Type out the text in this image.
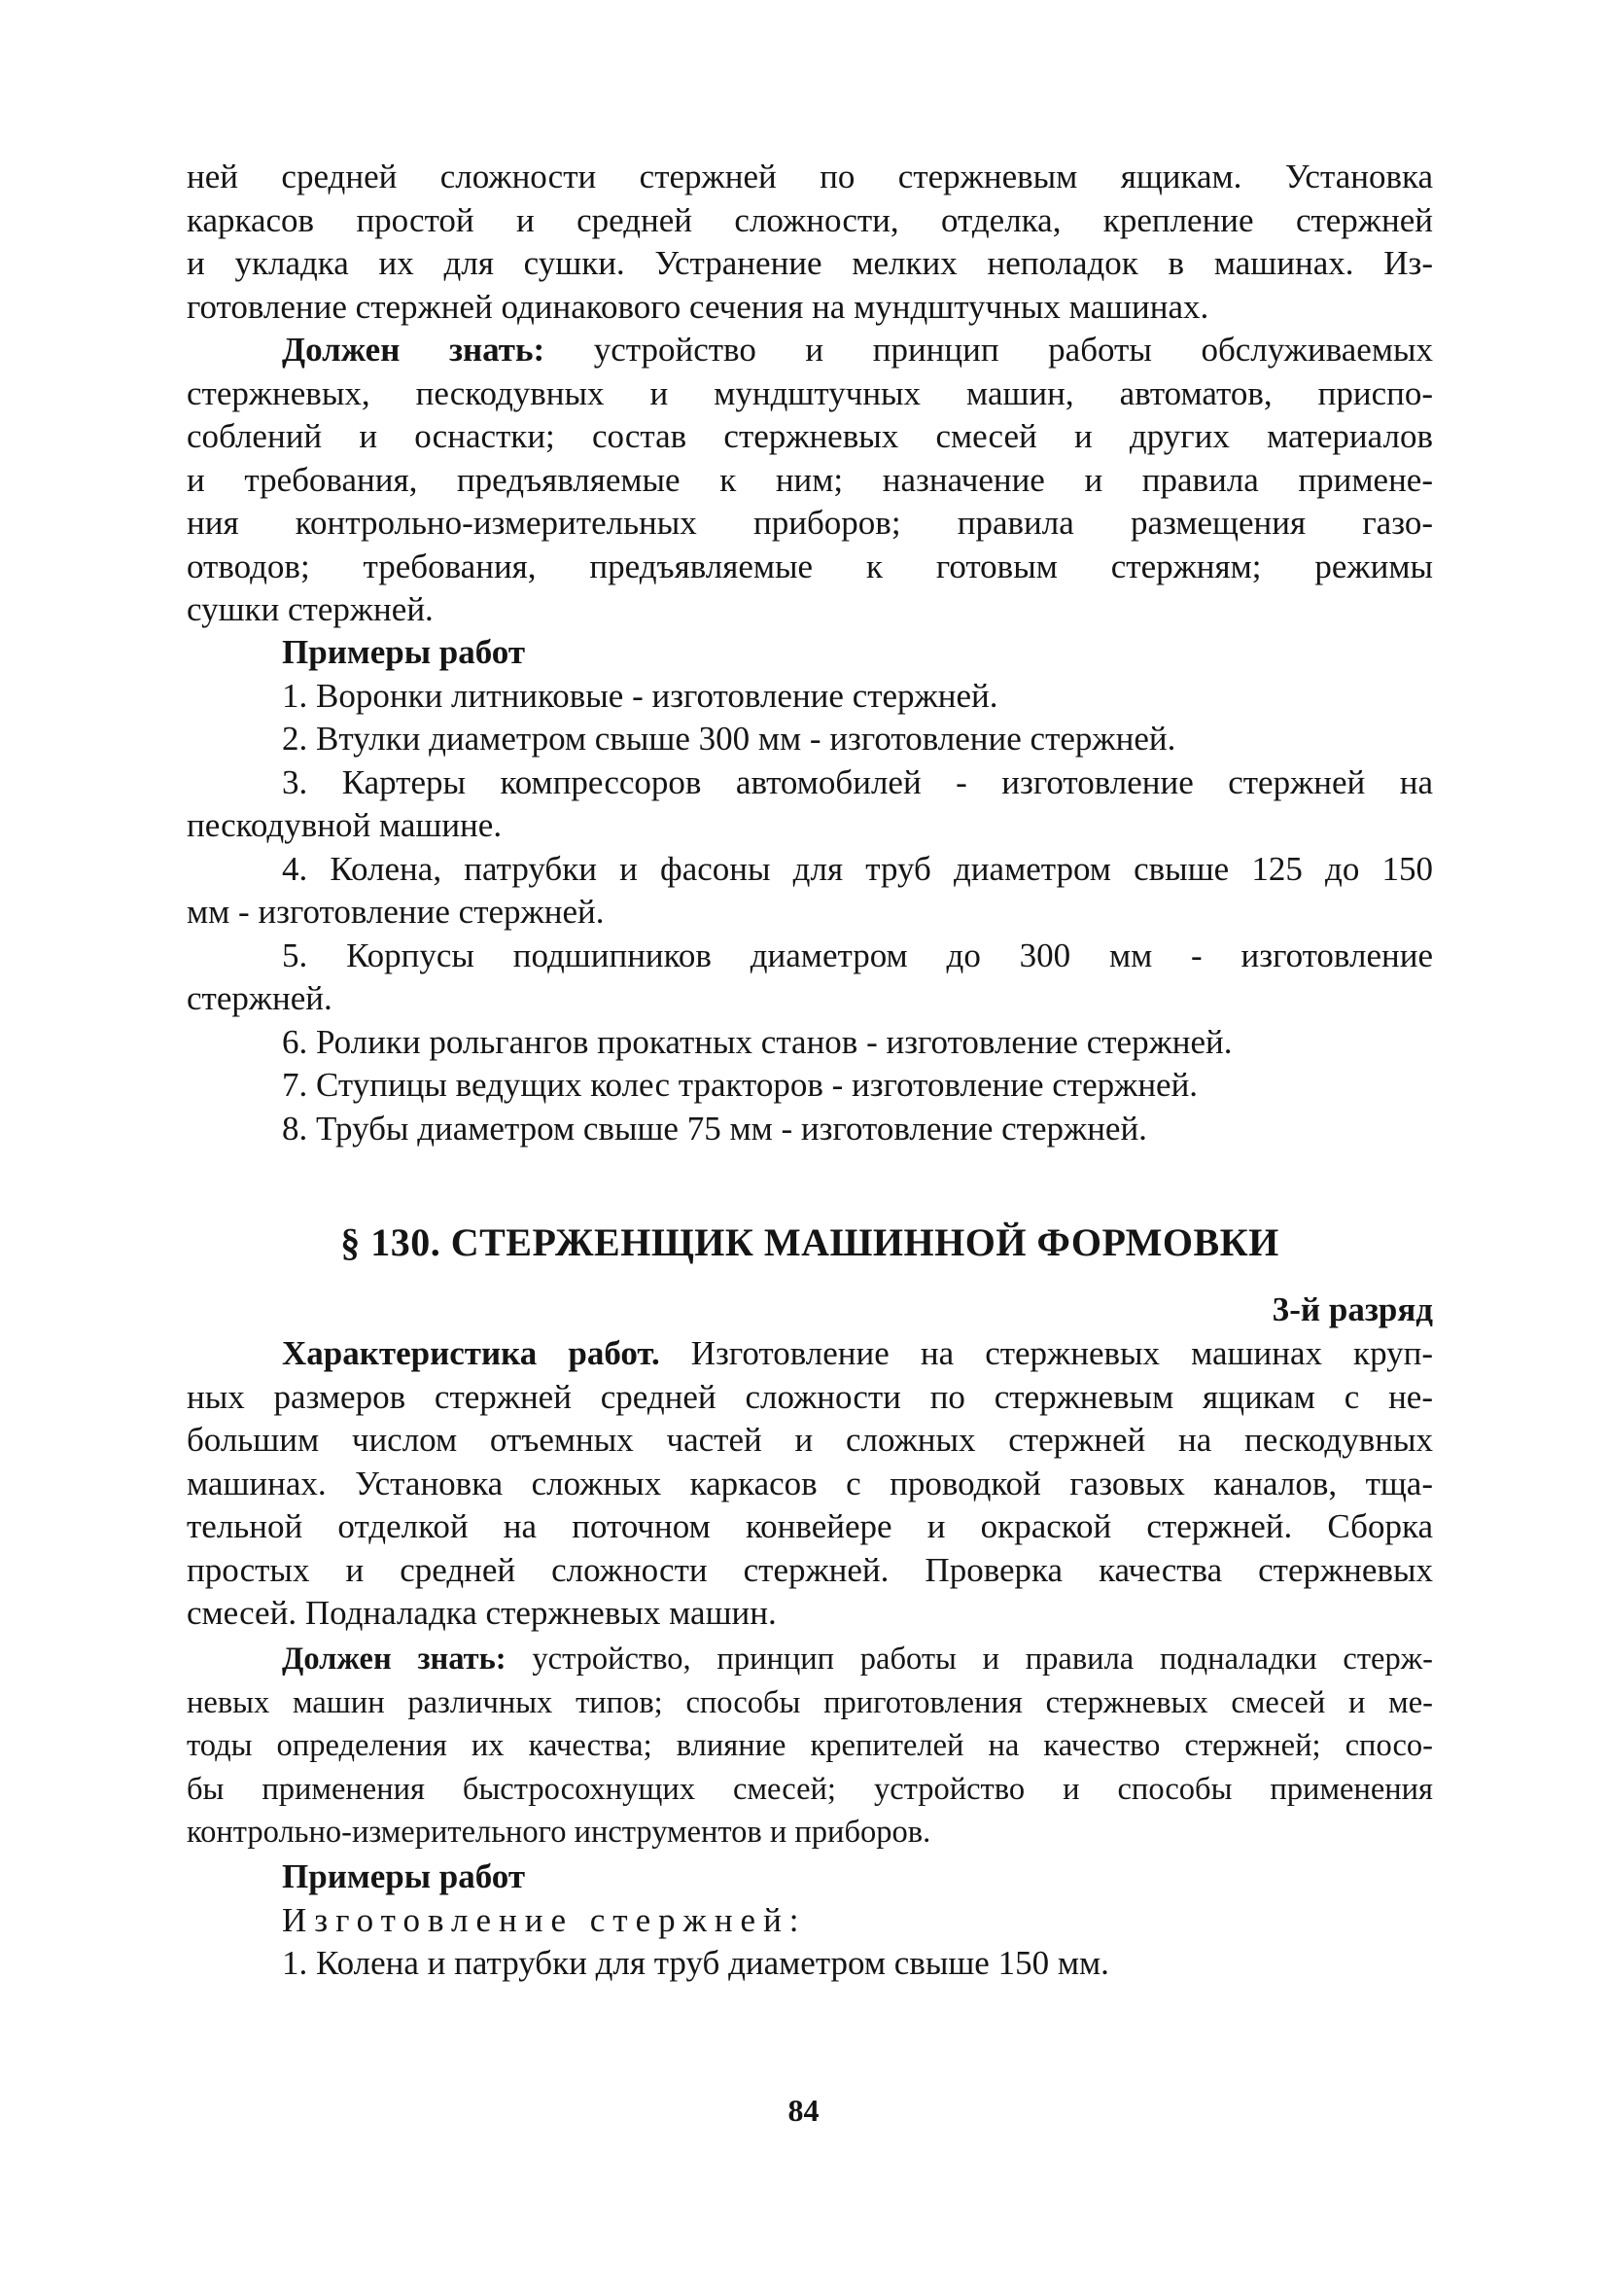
ней средней сложности стержней по стержневым ящикам. Установка
каркасов простой и средней сложности, отделка, крепление стержней
и укладка их для сушки. Устранение мелких неполадок в машинах. Из-
готовление стержней одинакового сечения на мундштучных машинах.
Должен знать: устройство и принцип работы обслуживаемых
стержневых, пескодувных и мундштучных машин, автоматов, приспо-
соблений и оснастки; состав стержневых смесей и других материалов
и требования, предъявляемые к ним; назначение и правила примене-
ния контрольно-измерительных приборов; правила размещения газо-
отводов; требования, предъявляемые к готовым стержням; режимы
сушки стержней.
Примеры работ
1. Воронки литниковые - изготовление стержней.
2. Втулки диаметром свыше 300 мм - изготовление стержней.
3. Картеры компрессоров автомобилей - изготовление стержней на
пескодувной машине.
4. Колена, патрубки и фасоны для труб диаметром свыше 125 до 150
мм - изготовление стержней.
5. Корпусы подшипников диаметром до 300 мм - изготовление
стержней.
6. Ролики рольгангов прокатных станов - изготовление стержней.
7. Ступицы ведущих колес тракторов - изготовление стержней.
8. Трубы диаметром свыше 75 мм - изготовление стержней.
§ 130. СТЕРЖЕНЩИК МАШИННОЙ ФОРМОВКИ
3-й разряд
Характеристика работ. Изготовление на стержневых машинах круп-
ных размеров стержней средней сложности по стержневым ящикам с не-
большим числом отъемных частей и сложных стержней на пескодувных
машинах. Установка сложных каркасов с проводкой газовых каналов, тща-
тельной отделкой на поточном конвейере и окраской стержней. Сборка
простых и средней сложности стержней. Проверка качества стержневых
смесей. Подналадка стержневых машин.
Должен знать: устройство, принцип работы и правила подналадки стерж-
невых машин различных типов; способы приготовления стержневых смесей и ме-
тоды определения их качества; влияние крепителей на качество стержней; спосо-
бы применения быстросохнущих смесей; устройство и способы применения
контрольно-измерительного инструментов и приборов.
Примеры работ
Изготовление стержней:
1. Колена и патрубки для труб диаметром свыше 150 мм.
84
